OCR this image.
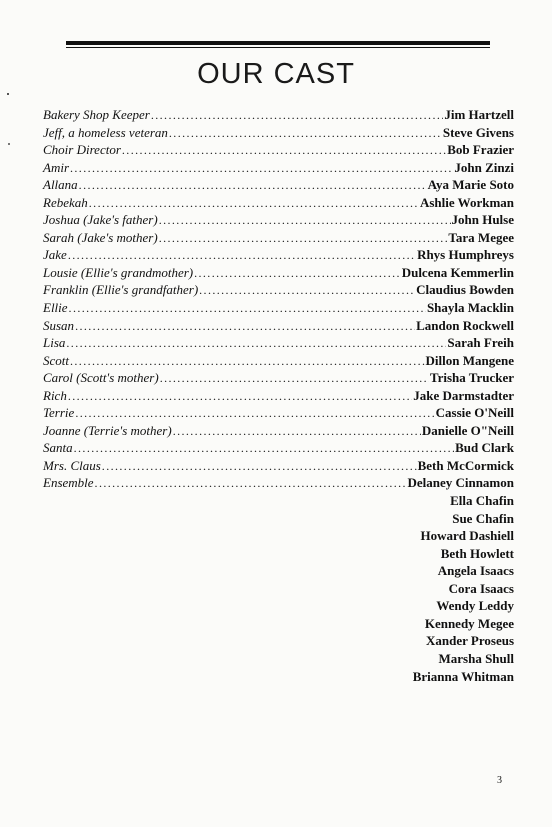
OUR CAST
Bakery Shop Keeper .....	Jim Hartzell
Jeff, a homeless veteran .....	Steve Givens
Choir Director .....	Bob Frazier
Amir .....	John Zinzi
Allana .....	Aya Marie Soto
Rebekah .....	Ashlie Workman
Joshua (Jake's father) .....	John Hulse
Sarah (Jake's mother) .....	Tara Megee
Jake .....	Rhys Humphreys
Lousie (Ellie's grandmother) .....	Dulcena Kemmerlin
Franklin (Ellie's grandfather) .....	Claudius Bowden
Ellie .....	Shayla Macklin
Susan .....	Landon Rockwell
Lisa .....	Sarah Freih
Scott .....	Dillon Mangene
Carol (Scott's mother) .....	Trisha Trucker
Rich .....	Jake Darmstadter
Terrie .....	Cassie O'Neill
Joanne (Terrie's mother) .....	Danielle O"Neill
Santa .....	Bud Clark
Mrs. Claus .....	Beth McCormick
Ensemble .....	Delaney Cinnamon
Ella Chafin
Sue Chafin
Howard Dashiell
Beth Howlett
Angela Isaacs
Cora Isaacs
Wendy Leddy
Kennedy Megee
Xander Proseus
Marsha Shull
Brianna Whitman
3
